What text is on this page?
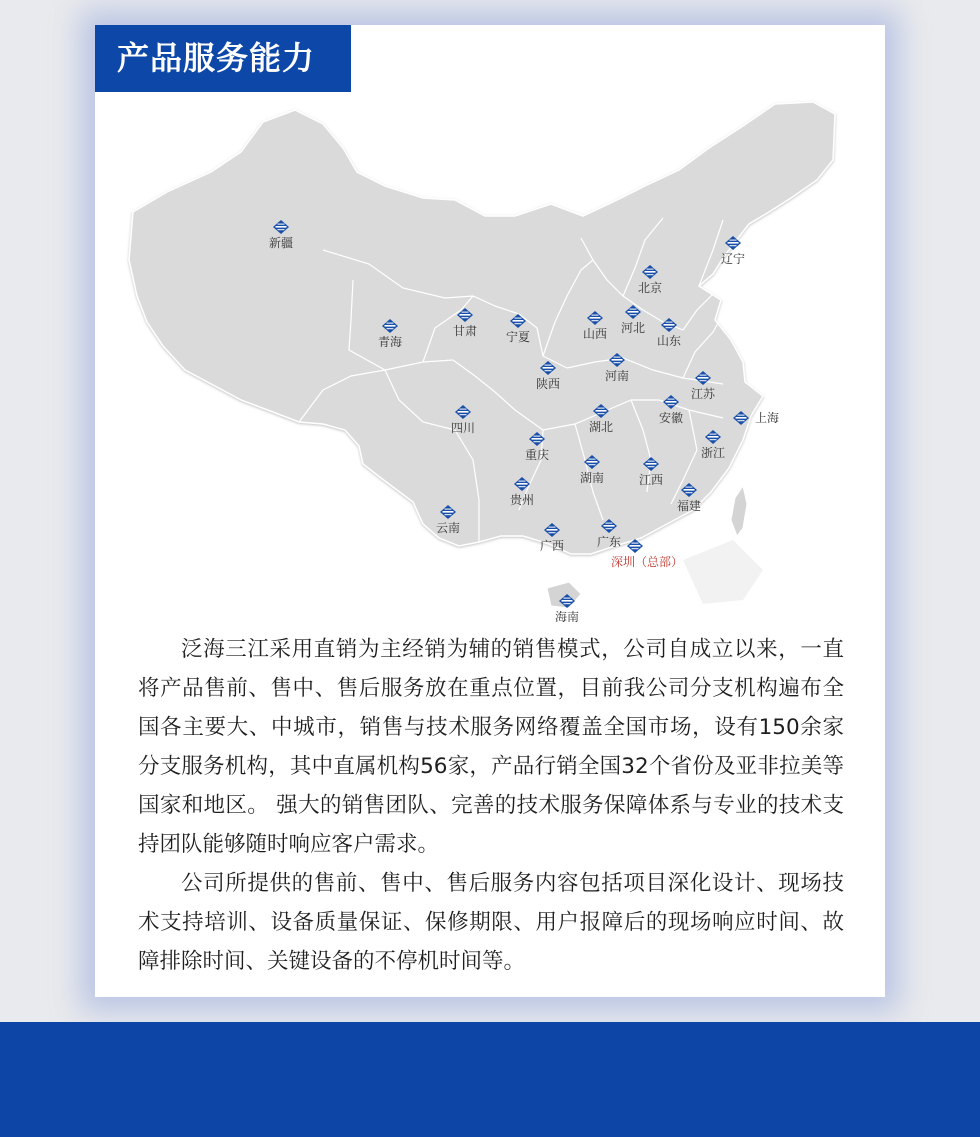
产品服务能力
新疆
辽宁
北京
青海
甘肃	宁夏	山西	河北
山东
陕西
河南
江苏
上海
四川	湖北
安徽
重庆	浙江
湖南	江西
贵州	福建
云南
广西	广东
深圳（总部）
海南

泛海三江采用直销为主经销为辅的销售模式，公司自成立以来，一直将产品售前、售中、售后服务放在重点位置，目前我公司分支机构遍布全国各主要大、中城市，销售与技术服务网络覆盖全国市场，设有150余家分支服务机构，其中直属机构56家，产品行销全国32个省份及亚非拉美等国家和地区。 强大的销售团队、完善的技术服务保障体系与专业的技术支持团队能够随时响应客户需求。

公司所提供的售前、售中、售后服务内容包括项目深化设计、现场技术支持培训、设备质量保证、保修期限、用户报障后的现场响应时间、故障排除时间、关键设备的不停机时间等。
